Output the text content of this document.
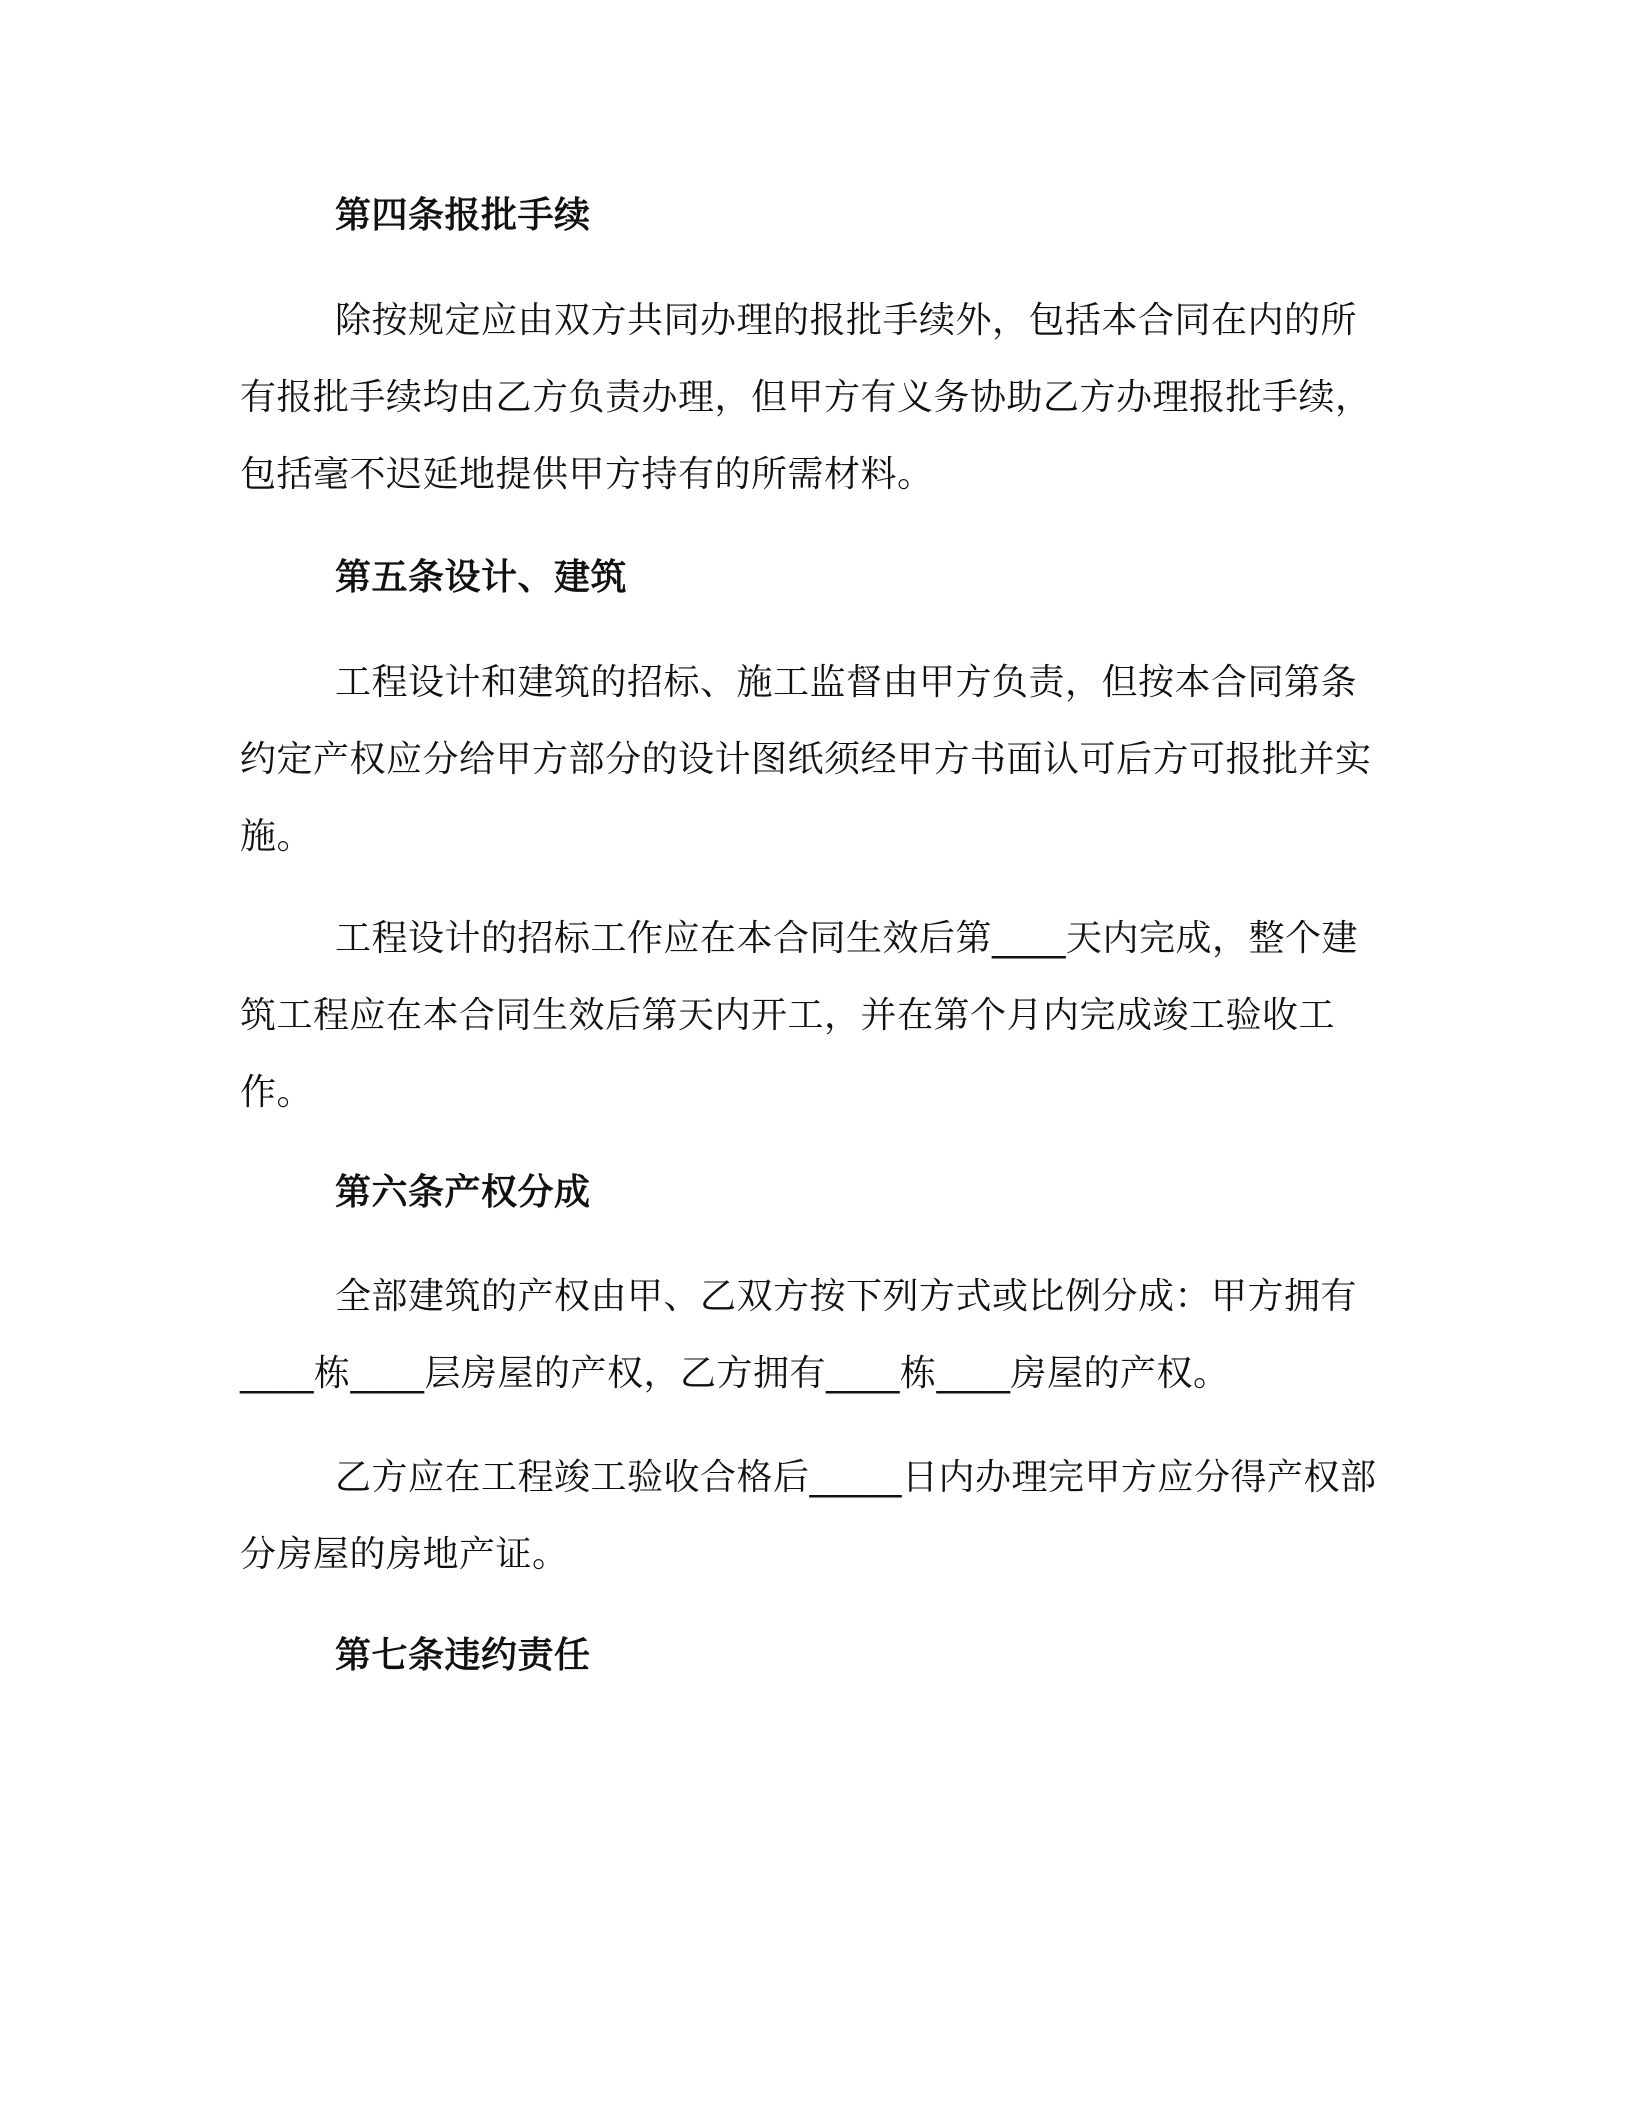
第四条报批手续

除按规定应由双方共同办理的报批手续外，包括本合同在内的所有报批手续均由乙方负责办理，但甲方有义务协助乙方办理报批手续，包括毫不迟延地提供甲方持有的所需材料。

第五条设计、建筑

工程设计和建筑的招标、施工监督由甲方负责，但按本合同第条约定产权应分给甲方部分的设计图纸须经甲方书面认可后方可报批并实施。

工程设计的招标工作应在本合同生效后第____天内完成，整个建筑工程应在本合同生效后第天内开工，并在第个月内完成竣工验收工作。

第六条产权分成

全部建筑的产权由甲、乙双方按下列方式或比例分成：甲方拥有____栋____层房屋的产权，乙方拥有____栋____房屋的产权。

乙方应在工程竣工验收合格后_____日内办理完甲方应分得产权部分房屋的房地产证。

第七条违约责任
